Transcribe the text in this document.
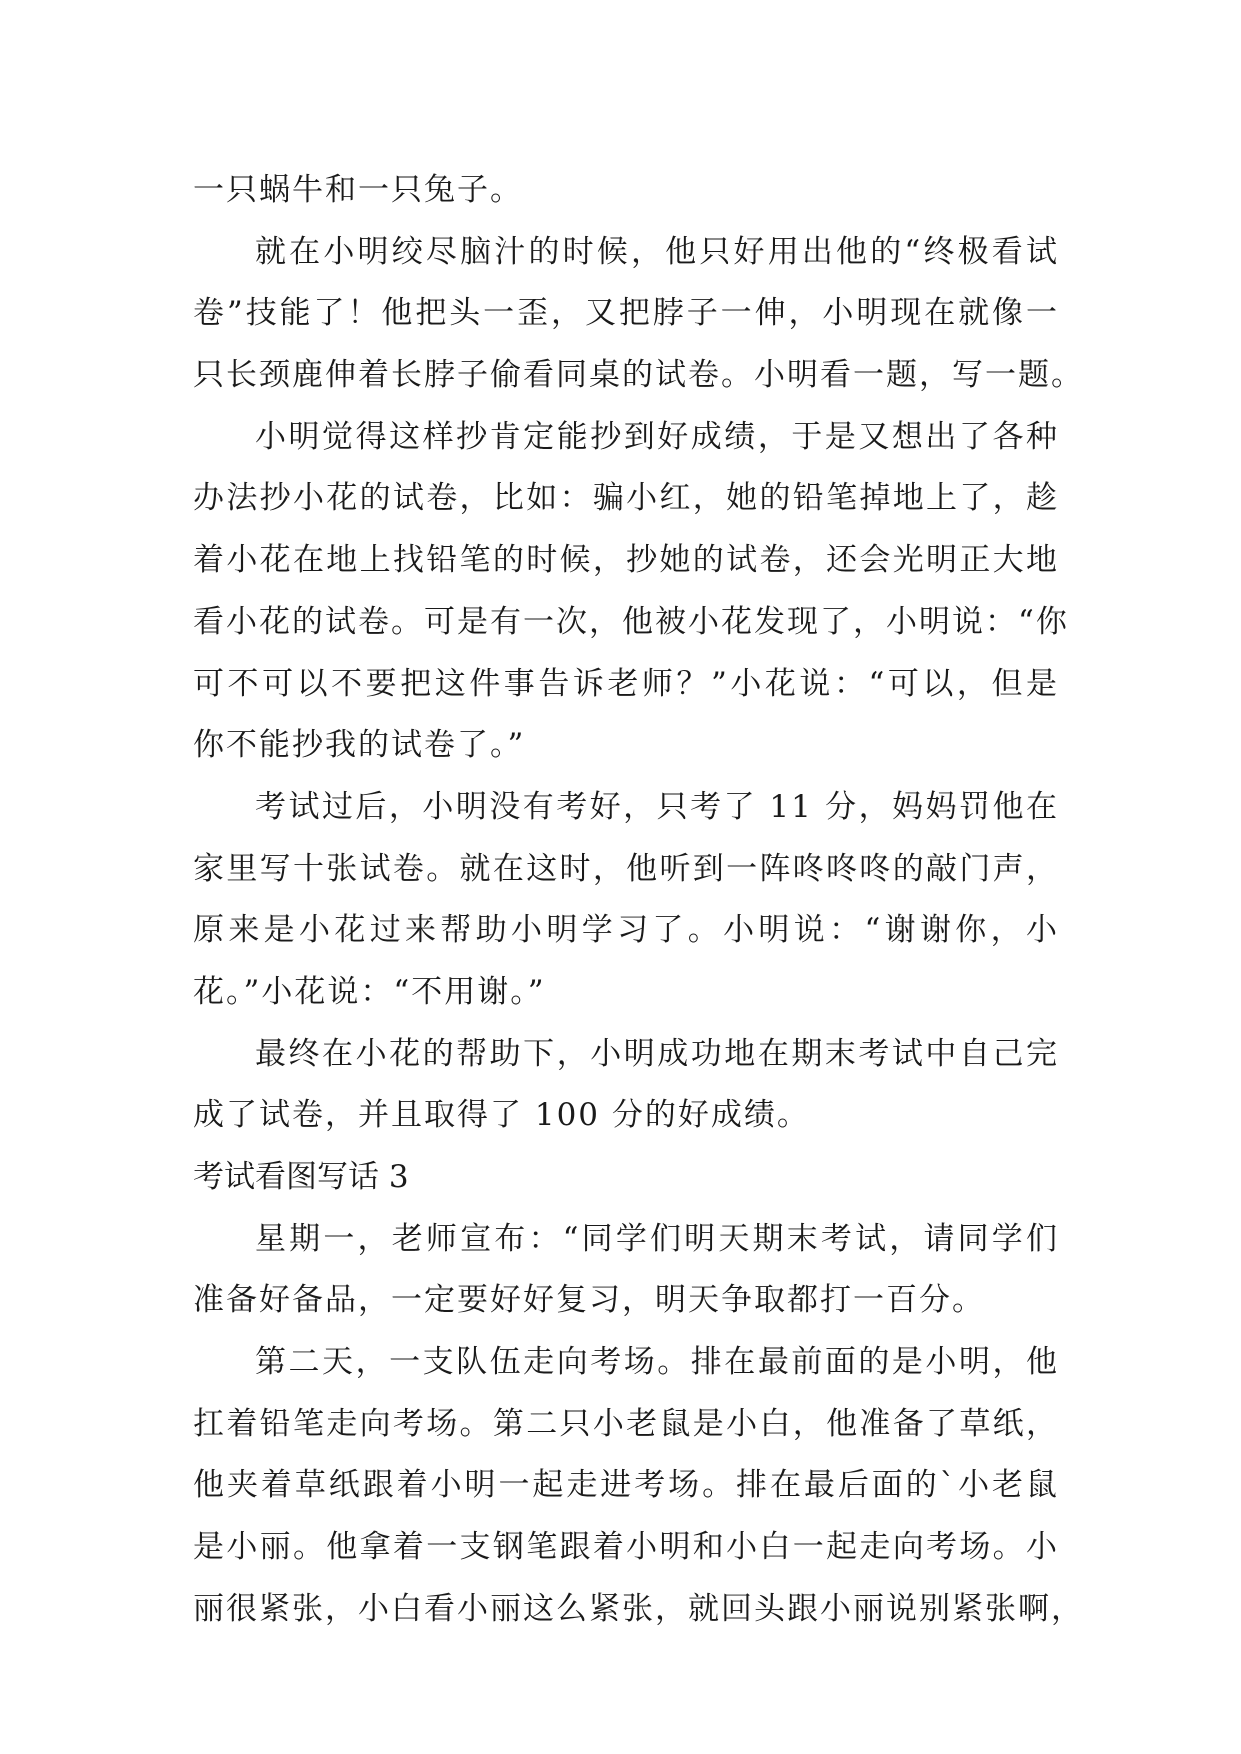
一只蜗牛和一只兔子。
就在小明绞尽脑汁的时候，他只好用出他的“终极看试
卷”技能了！他把头一歪，又把脖子一伸，小明现在就像一
只长颈鹿伸着长脖子偷看同桌的试卷。小明看一题，写一题。
小明觉得这样抄肯定能抄到好成绩，于是又想出了各种
办法抄小花的试卷，比如：骗小红，她的铅笔掉地上了，趁
着小花在地上找铅笔的时候，抄她的试卷，还会光明正大地
看小花的试卷。可是有一次，他被小花发现了，小明说：“你
可不可以不要把这件事告诉老师？”小花说：“可以，但是
你不能抄我的试卷了。”
考试过后，小明没有考好，只考了 11 分，妈妈罚他在
家里写十张试卷。就在这时，他听到一阵咚咚咚的敲门声，
原来是小花过来帮助小明学习了。小明说：“谢谢你，小
花。”小花说：“不用谢。”
最终在小花的帮助下，小明成功地在期末考试中自己完
成了试卷，并且取得了 100 分的好成绩。
考试看图写话 3
星期一，老师宣布：“同学们明天期末考试，请同学们
准备好备品，一定要好好复习，明天争取都打一百分。
第二天，一支队伍走向考场。排在最前面的是小明，他
扛着铅笔走向考场。第二只小老鼠是小白，他准备了草纸，
他夹着草纸跟着小明一起走进考场。排在最后面的`小老鼠
是小丽。他拿着一支钢笔跟着小明和小白一起走向考场。小
丽很紧张，小白看小丽这么紧张，就回头跟小丽说别紧张啊，
